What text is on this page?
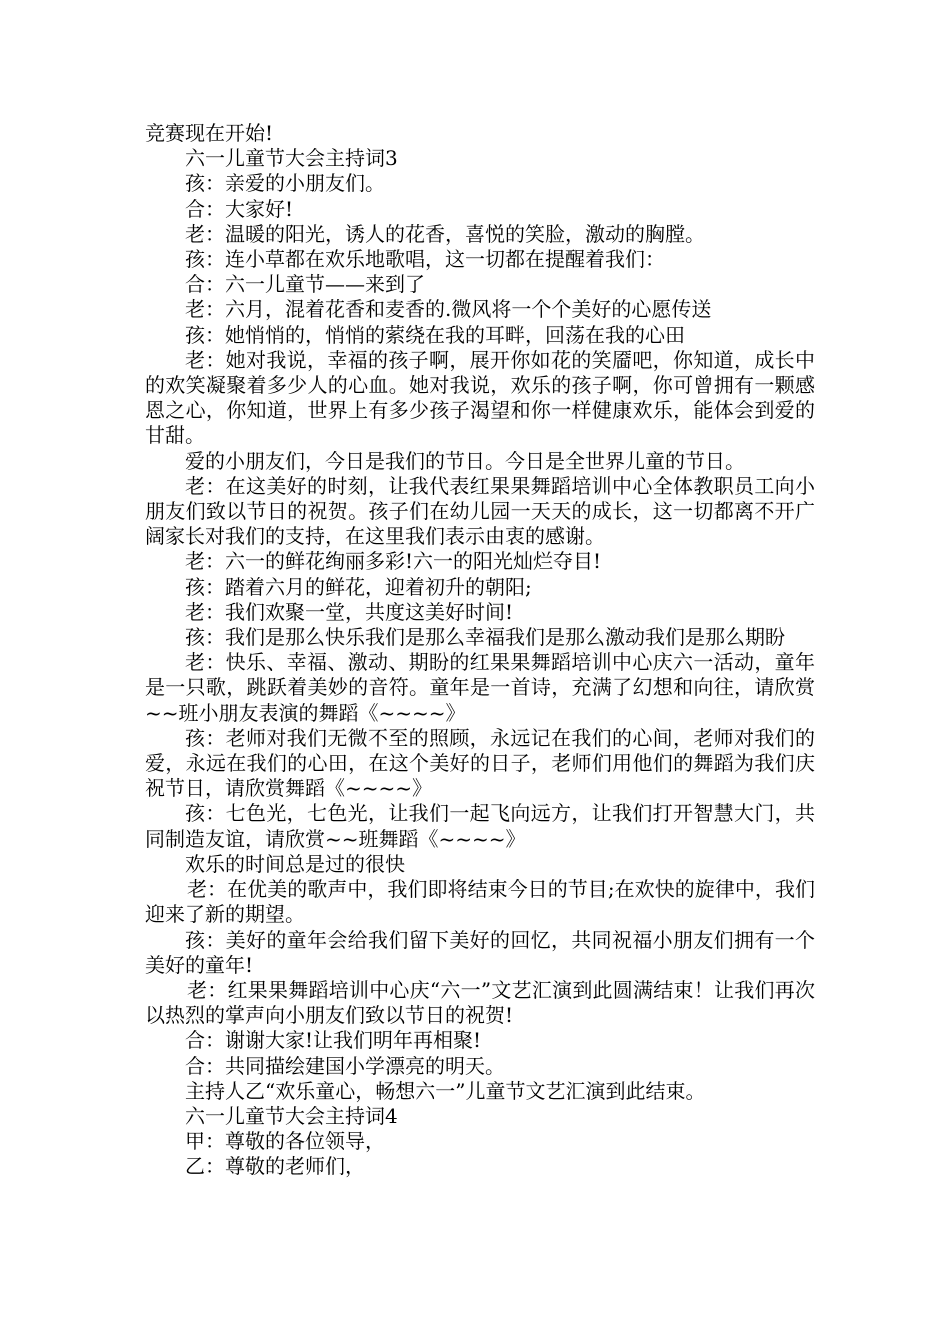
竞赛现在开始!

六一儿童节大会主持词3

孩：亲爱的小朋友们。

合：大家好!

老：温暖的阳光，诱人的花香，喜悦的笑脸，激动的胸膛。

孩：连小草都在欢乐地歌唱，这一切都在提醒着我们：

合：六一儿童节——来到了

老：六月，混着花香和麦香的.微风将一个个美好的心愿传送

孩：她悄悄的，悄悄的萦绕在我的耳畔，回荡在我的心田

老：她对我说，幸福的孩子啊，展开你如花的笑靥吧，你知道，成长中的欢笑凝聚着多少人的心血。她对我说，欢乐的孩子啊，你可曾拥有一颗感恩之心，你知道，世界上有多少孩子渴望和你一样健康欢乐，能体会到爱的甘甜。

爱的小朋友们，今日是我们的节日。今日是全世界儿童的节日。

老：在这美好的时刻，让我代表红果果舞蹈培训中心全体教职员工向小朋友们致以节日的祝贺。孩子们在幼儿园一天天的成长，这一切都离不开广阔家长对我们的支持，在这里我们表示由衷的感谢。

老：六一的鲜花绚丽多彩!六一的阳光灿烂夺目!

孩：踏着六月的鲜花，迎着初升的朝阳;

老：我们欢聚一堂，共度这美好时间!

孩：我们是那么快乐我们是那么幸福我们是那么激动我们是那么期盼

老：快乐、幸福、激动、期盼的红果果舞蹈培训中心庆六一活动，童年是一只歌，跳跃着美妙的音符。童年是一首诗，充满了幻想和向往，请欣赏~~班小朋友表演的舞蹈《~~~~》

孩：老师对我们无微不至的照顾，永远记在我们的心间，老师对我们的爱，永远在我们的心田，在这个美好的日子，老师们用他们的舞蹈为我们庆祝节日，请欣赏舞蹈《~~~~》

孩：七色光，七色光，让我们一起飞向远方，让我们打开智慧大门，共同制造友谊，请欣赏~~班舞蹈《~~~~》

欢乐的时间总是过的很快

老：在优美的歌声中，我们即将结束今日的节目;在欢快的旋律中，我们迎来了新的期望。

孩：美好的童年会给我们留下美好的回忆，共同祝福小朋友们拥有一个美好的童年!

老：红果果舞蹈培训中心庆“六一”文艺汇演到此圆满结束！让我们再次以热烈的掌声向小朋友们致以节日的祝贺!

合：谢谢大家!让我们明年再相聚!

合：共同描绘建国小学漂亮的明天。

主持人乙“欢乐童心，畅想六一”儿童节文艺汇演到此结束。

六一儿童节大会主持词4

甲：尊敬的各位领导，

乙：尊敬的老师们，
